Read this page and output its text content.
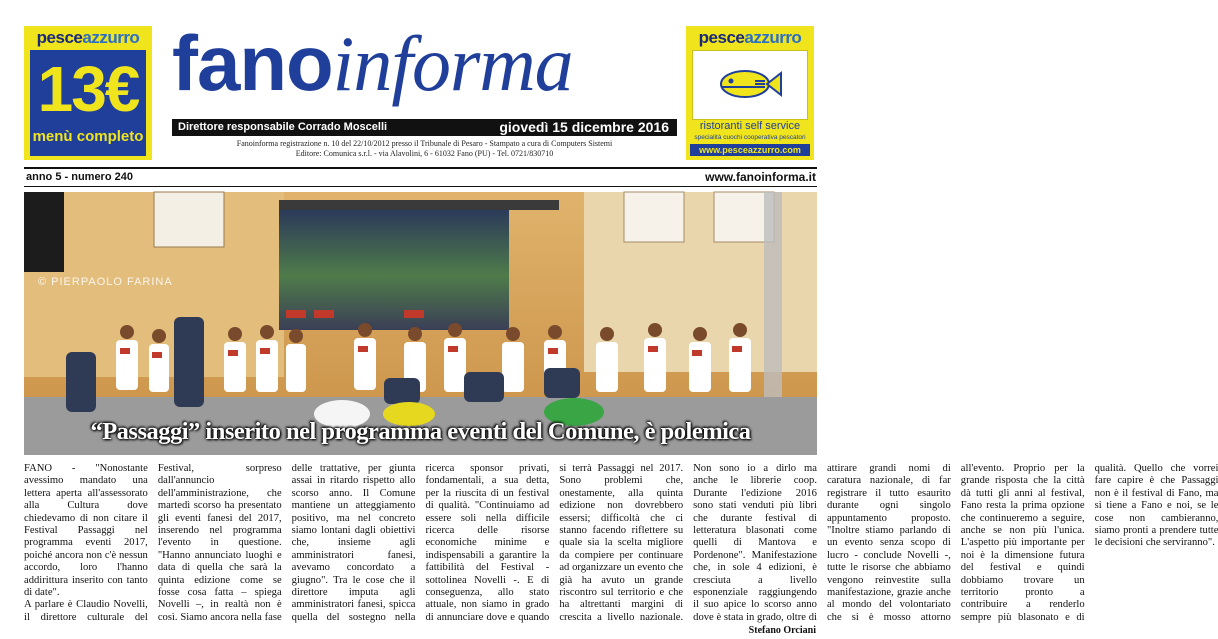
pesceazzurro
13€
menù completo
fanoinforma
Direttore responsabile Corrado Moscelli	giovedì 15 dicembre 2016
Fanoinforma registrazione n. 10 del 22/10/2012 presso il Tribunale di Pesaro - Stampato a cura di Computers Sistemi
Editore: Comunica s.r.l. - via Alavolini, 6 - 61032 Fano (PU) - Tel. 0721/830710
pesceazzurro
ristoranti self service
specialità cuochi cooperativa pescatori
www.pesceazzurro.com
anno 5 - numero 240	www.fanoinforma.it
© PIERPAOLO FARINA
“Passaggi” inserito nel programma eventi del Comune, è polemica

FANO - "Nonostante avessimo mandato una lettera aperta all'assessorato alla Cultura dove chiedevamo di non citare il Festival Passaggi nel programma eventi 2017, poiché ancora non c'è nessun accordo, loro l'hanno addirittura inserito con tanto di date".

A parlare è Claudio Novelli, il direttore culturale del Festival, sorpreso dall'annuncio dell'amministrazione, che martedì scorso ha presentato gli eventi fanesi del 2017, inserendo nel programma l'evento in questione. "Hanno annunciato luoghi e data di quella che sarà la quinta edizione come se fosse cosa fatta – spiega Novelli –, in realtà non è così. Siamo ancora nella fase delle trattative, per giunta assai in ritardo rispetto allo scorso anno. Il Comune mantiene un atteggiamento positivo, ma nel concreto siamo lontani dagli obiettivi che, insieme agli amministratori fanesi, avevamo concordato a giugno". Tra le cose che il direttore imputa agli amministratori fanesi, spicca quella del sostegno nella ricerca sponsor privati, fondamentali, a sua detta, per la riuscita di un festival di qualità. "Continuiamo ad essere soli nella difficile ricerca delle risorse economiche minime e indispensabili a garantire la fattibilità del Festival - sottolinea Novelli -. E di conseguenza, allo stato attuale, non siamo in grado di annunciare dove e quando si terrà Passaggi nel 2017. Sono problemi che, onestamente, alla quinta edizione non dovrebbero essersi; difficoltà che ci stanno facendo riflettere su quale sia la scelta migliore da compiere per continuare ad organizzare un evento che già ha avuto un grande riscontro sul territorio e che ha altrettanti margini di crescita a livello nazionale. Non sono io a dirlo ma anche le librerie coop. Durante l'edizione 2016 sono stati venduti più libri che durante festival di letteratura blasonati come quelli di Mantova e Pordenone". Manifestazione che, in sole 4 edizioni, è cresciuta a livello esponenziale raggiungendo il suo apice lo scorso anno dove è stata in grado, oltre di attirare grandi nomi di caratura nazionale, di far registrare il tutto esaurito durante ogni singolo appuntamento proposto. "Inoltre stiamo parlando di un evento senza scopo di lucro - conclude Novelli -, tutte le risorse che abbiamo vengono reinvestite sulla manifestazione, grazie anche al mondo del volontariato che si è mosso attorno all'evento. Proprio per la grande risposta che la città dà tutti gli anni al festival, Fano resta la prima opzione che continueremo a seguire, anche se non più l'unica. L'aspetto più importante per noi è la dimensione futura del festival e quindi dobbiamo trovare un territorio pronto a contribuire a renderlo sempre più blasonato e di qualità. Quello che vorrei fare capire è che Passaggi non è il festival di Fano, ma si tiene a Fano e noi, se le cose non cambieranno, siamo pronti a prendere tutte le decisioni che serviranno".

Stefano Orciani
